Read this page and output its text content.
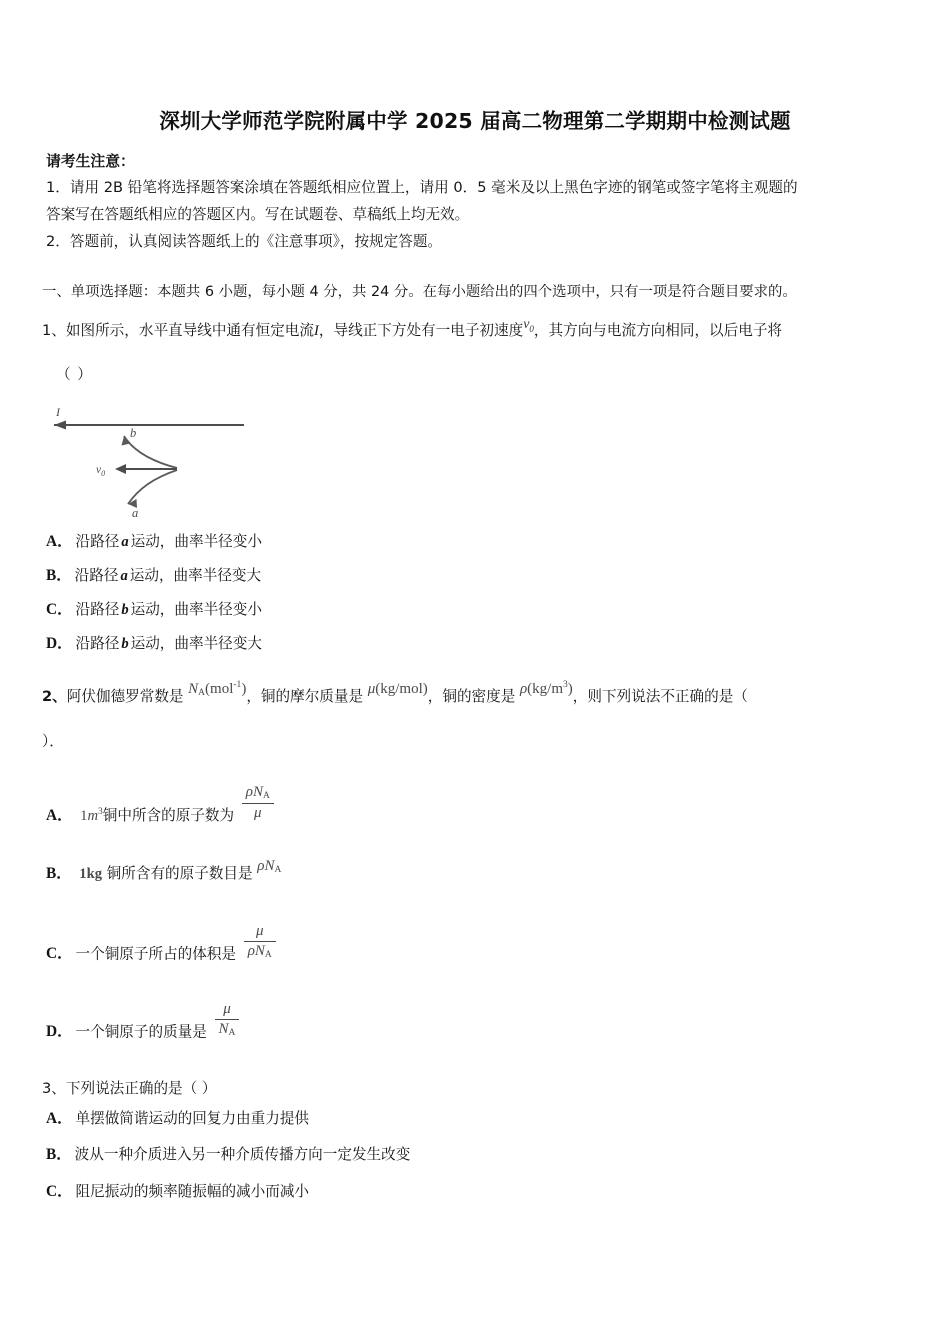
深圳大学师范学院附属中学 2025 届高二物理第二学期期中检测试题
请考生注意：
1．请用 2B 铅笔将选择题答案涂填在答题纸相应位置上，请用 0．5 毫米及以上黑色字迹的钢笔或签字笔将主观题的
答案写在答题纸相应的答题区内。写在试题卷、草稿纸上均无效。
2．答题前，认真阅读答题纸上的《注意事项》，按规定答题。
一、单项选择题：本题共 6 小题，每小题 4 分，共 24 分。在每小题给出的四个选项中，只有一项是符合题目要求的。
1、如图所示，水平直导线中通有恒定电流I，导线正下方处有一电子初速度$v_0$，其方向与电流方向相同，以后电子将
（ ）
I
b
a
$v_0$
A． 沿路径 a 运动，曲率半径变小
B． 沿路径 a 运动，曲率半径变大
C． 沿路径 b 运动，曲率半径变小
D． 沿路径 b 运动，曲率半径变大
2、阿伏伽德罗常数是 $N_A(mol^{-1})$，铜的摩尔质量是 μ(kg/mol)，铜的密度是 $\rho(kg/m^3)$，则下列说法不正确的是（
）．
A． $1m^3$铜中所含的原子数为 $\frac{\rho N_A}{\mu}$
B． 1kg 铜所含有的原子数目是 $\rho N_A$
C． 一个铜原子所占的体积是 $\frac{\mu}{\rho N_A}$
D． 一个铜原子的质量是 $\frac{\mu}{N_A}$
3、下列说法正确的是（ ）
A． 单摆做简谐运动的回复力由重力提供
B． 波从一种介质进入另一种介质传播方向一定发生改变
C． 阻尼振动的频率随振幅的减小而减小
